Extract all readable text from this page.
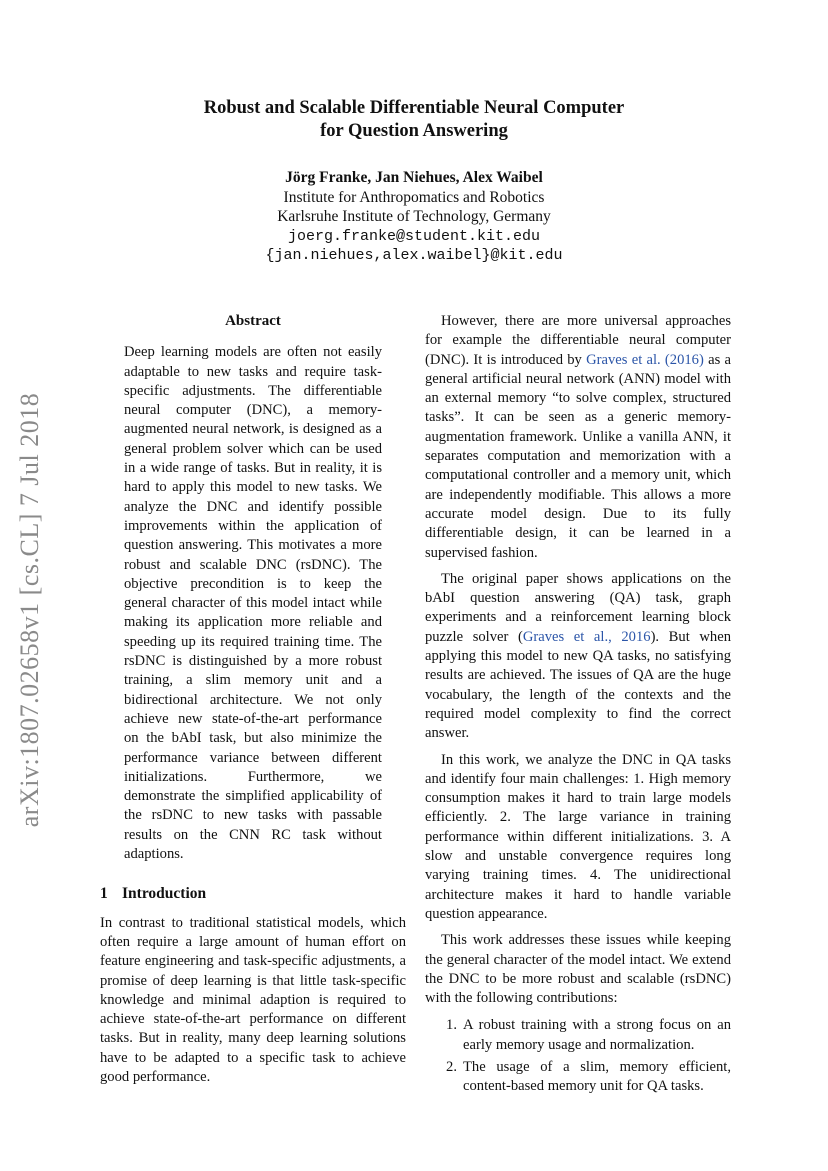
arXiv:1807.02658v1 [cs.CL] 7 Jul 2018
Robust and Scalable Differentiable Neural Computer
for Question Answering
Jörg Franke, Jan Niehues, Alex Waibel
Institute for Anthropomatics and Robotics
Karlsruhe Institute of Technology, Germany
joerg.franke@student.kit.edu
{jan.niehues,alex.waibel}@kit.edu
Abstract

Deep learning models are often not easily adaptable to new tasks and require task-specific adjustments. The differentiable neural computer (DNC), a memory-augmented neural network, is designed as a general problem solver which can be used in a wide range of tasks. But in reality, it is hard to apply this model to new tasks. We analyze the DNC and identify possible improvements within the application of question answering. This motivates a more robust and scalable DNC (rsDNC). The objective precondition is to keep the general character of this model intact while making its application more reliable and speeding up its required training time. The rsDNC is distinguished by a more robust training, a slim memory unit and a bidirectional architecture. We not only achieve new state-of-the-art performance on the bAbI task, but also minimize the performance variance between different initializations. Furthermore, we demonstrate the simplified applicability of the rsDNC to new tasks with passable results on the CNN RC task without adaptions.

1 Introduction

In contrast to traditional statistical models, which often require a large amount of human effort on feature engineering and task-specific adjustments, a promise of deep learning is that little task-specific knowledge and minimal adaption is required to achieve state-of-the-art performance on different tasks. But in reality, many deep learning solutions have to be adapted to a specific task to achieve good performance.

However, there are more universal approaches for example the differentiable neural computer (DNC). It is introduced by Graves et al. (2016) as a general artificial neural network (ANN) model with an external memory “to solve complex, structured tasks”. It can be seen as a generic memory-augmentation framework. Unlike a vanilla ANN, it separates computation and memorization with a computational controller and a memory unit, which are independently modifiable. This allows a more accurate model design. Due to its fully differentiable design, it can be learned in a supervised fashion.

The original paper shows applications on the bAbI question answering (QA) task, graph experiments and a reinforcement learning block puzzle solver (Graves et al., 2016). But when applying this model to new QA tasks, no satisfying results are achieved. The issues of QA are the huge vocabulary, the length of the contexts and the required model complexity to find the correct answer.

In this work, we analyze the DNC in QA tasks and identify four main challenges: 1. High memory consumption makes it hard to train large models efficiently. 2. The large variance in training performance within different initializations. 3. A slow and unstable convergence requires long varying training times. 4. The unidirectional architecture makes it hard to handle variable question appearance.

This work addresses these issues while keeping the general character of the model intact. We extend the DNC to be more robust and scalable (rsDNC) with the following contributions:

1. A robust training with a strong focus on an early memory usage and normalization.
2. The usage of a slim, memory efficient, content-based memory unit for QA tasks.
